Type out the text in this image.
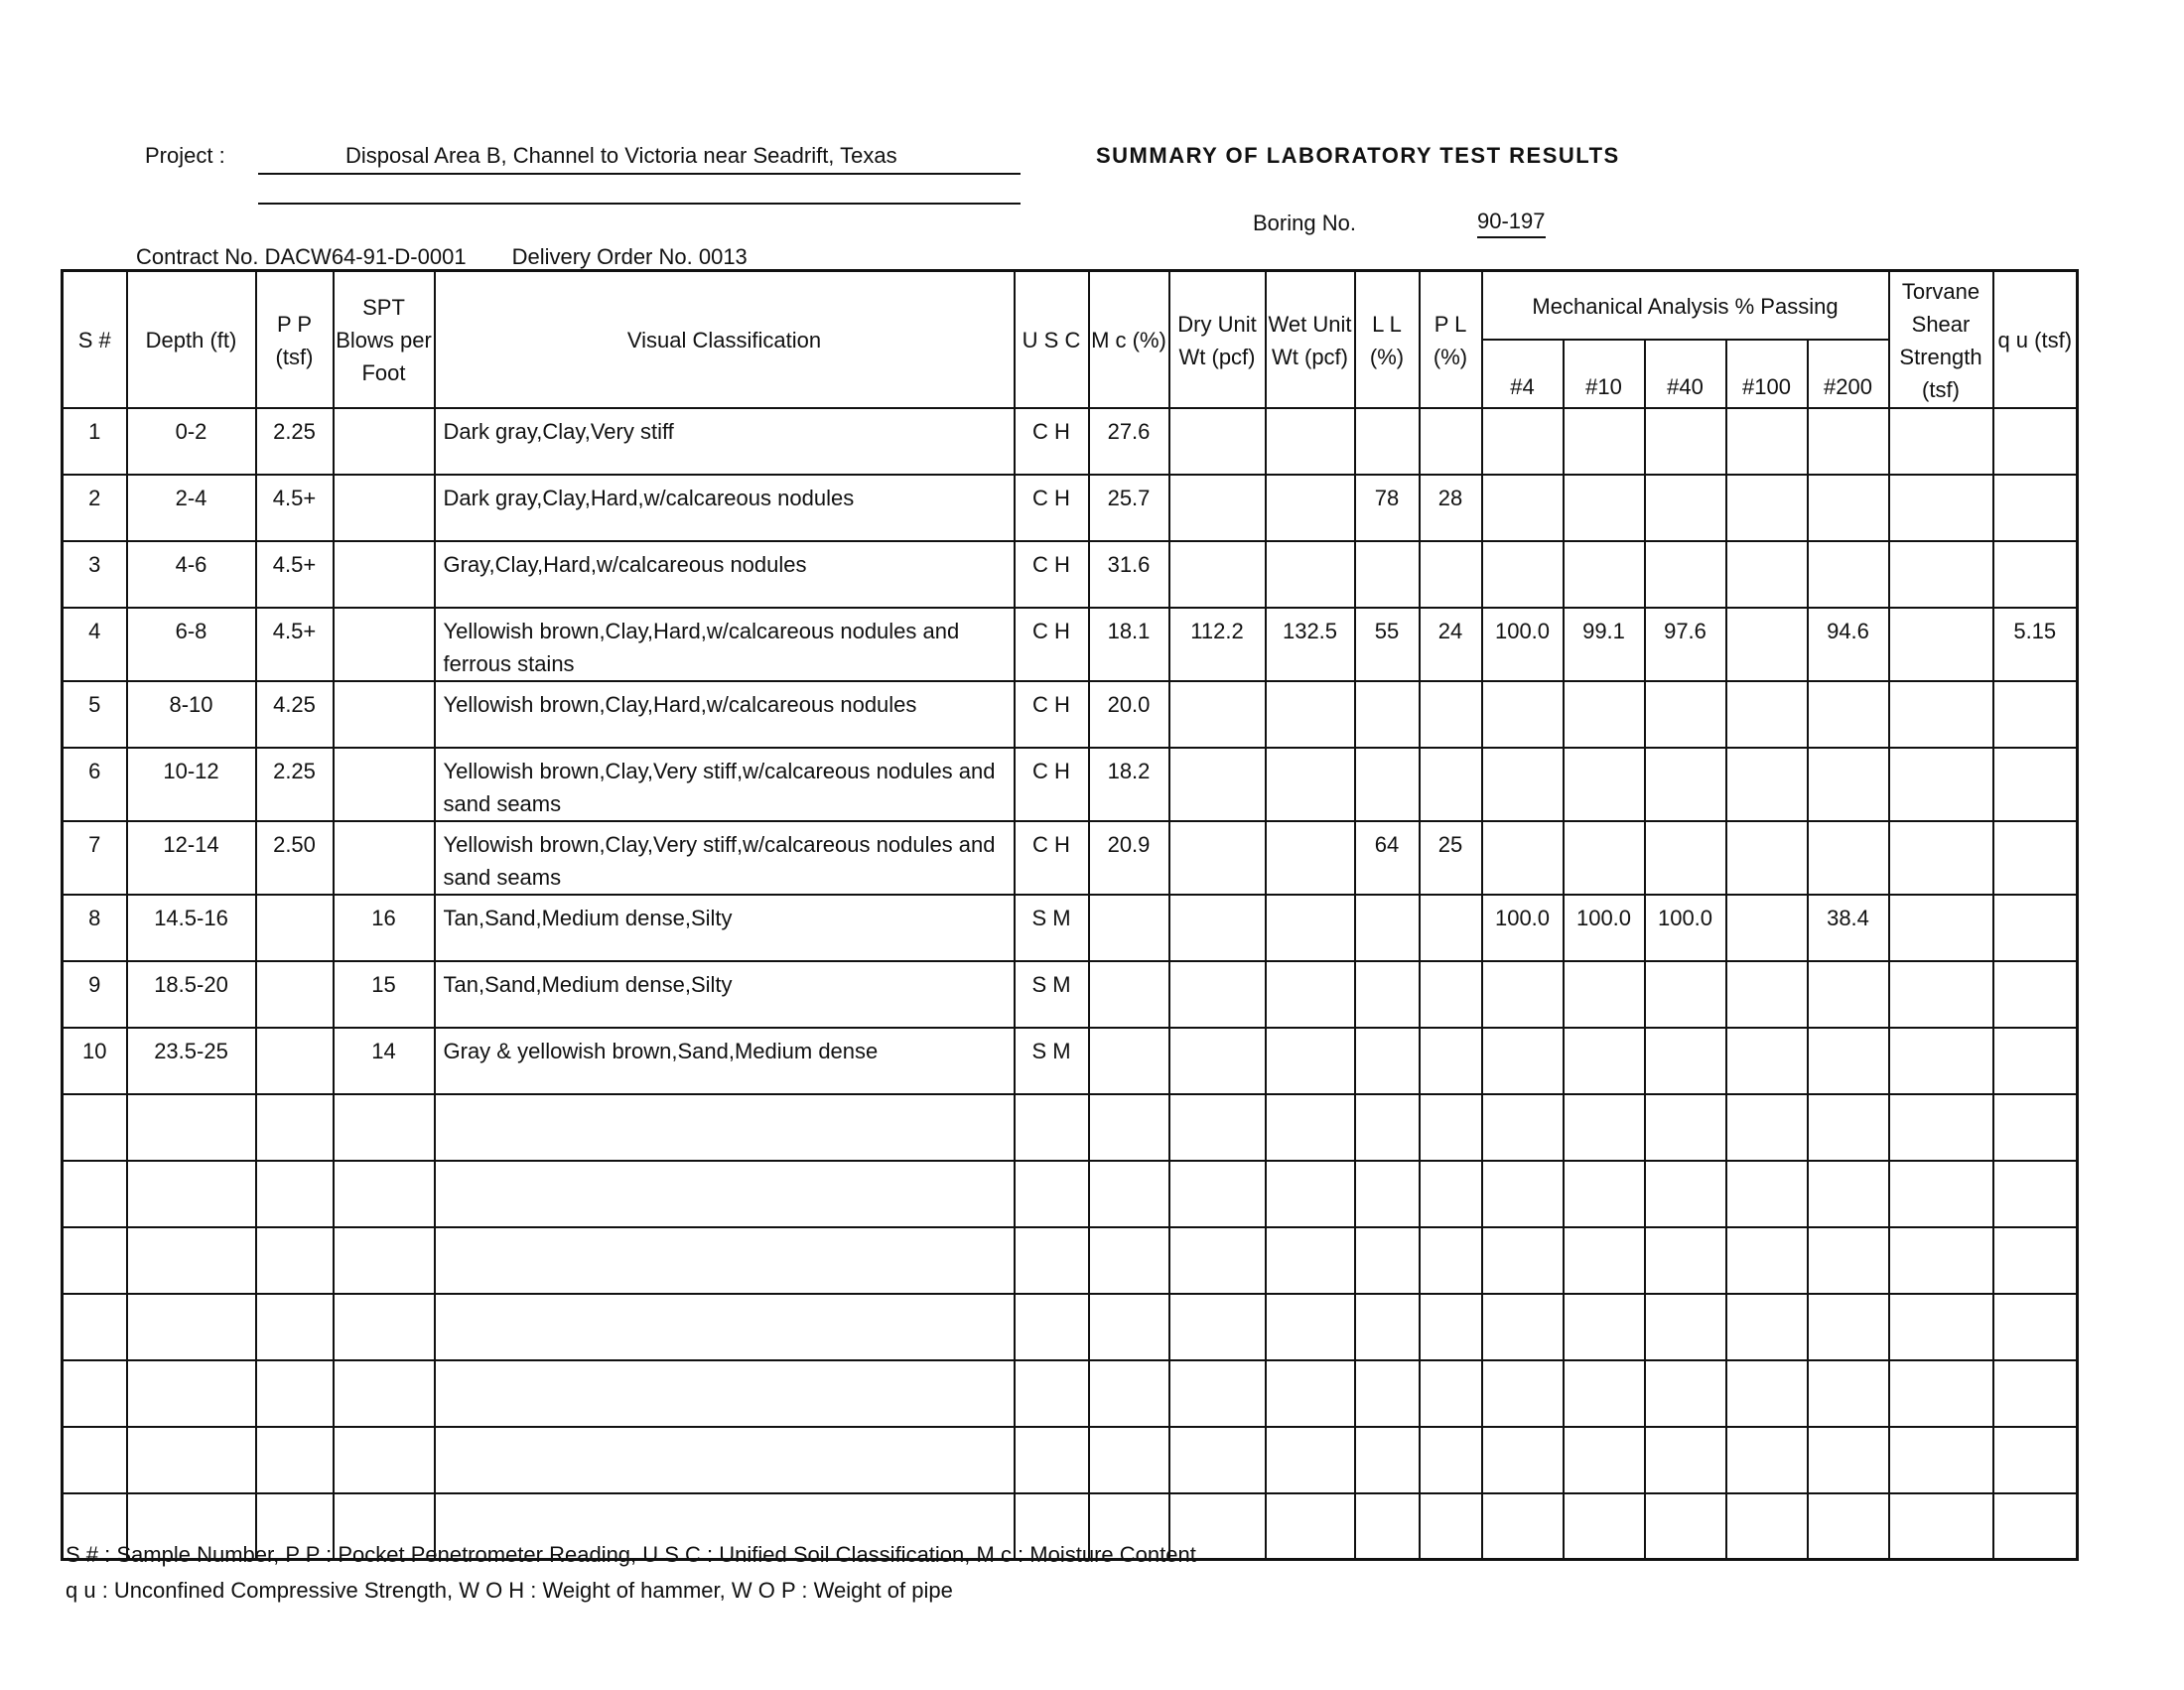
Project :	Disposal Area B, Channel to Victoria near Seadrift, Texas	SUMMARY OF LABORATORY TEST RESULTS
Boring No.	90-197
Contract No. DACW64-91-D-0001 Delivery Order No. 0013
S #	Depth (ft)	P P (tsf)	SPT Blows per Foot	Visual Classification	U S C	M c (%)	Dry Unit Wt (pcf)	Wet Unit Wt (pcf)	L L (%)	P L (%)	Mechanical Analysis % Passing					Torvane Shear Strength (tsf)	q u (tsf)
											#4	#10	#40	#100	#200		
1	0-2	2.25		Dark gray,Clay,Very stiff	C H	27.6											
2	2-4	4.5+		Dark gray,Clay,Hard,w/calcareous nodules	C H	25.7			78	28							
3	4-6	4.5+		Gray,Clay,Hard,w/calcareous nodules	C H	31.6											
4	6-8	4.5+		Yellowish brown,Clay,Hard,w/calcareous nodules and ferrous stains	C H	18.1	112.2	132.5	55	24	100.0	99.1	97.6		94.6		5.15
5	8-10	4.25		Yellowish brown,Clay,Hard,w/calcareous nodules	C H	20.0											
6	10-12	2.25		Yellowish brown,Clay,Very stiff,w/calcareous nodules and sand seams	C H	18.2											
7	12-14	2.50		Yellowish brown,Clay,Very stiff,w/calcareous nodules and sand seams	C H	20.9			64	25							
8	14.5-16		16	Tan,Sand,Medium dense,Silty	S M						100.0	100.0	100.0		38.4		
9	18.5-20		15	Tan,Sand,Medium dense,Silty	S M												
10	23.5-25		14	Gray & yellowish brown,Sand,Medium dense	S M												

S # : Sample Number, P P : Pocket Penetrometer Reading, U S C : Unified Soil Classification, M c : Moisture Content
q u : Unconfined Compressive Strength, W O H : Weight of hammer, W O P : Weight of pipe
